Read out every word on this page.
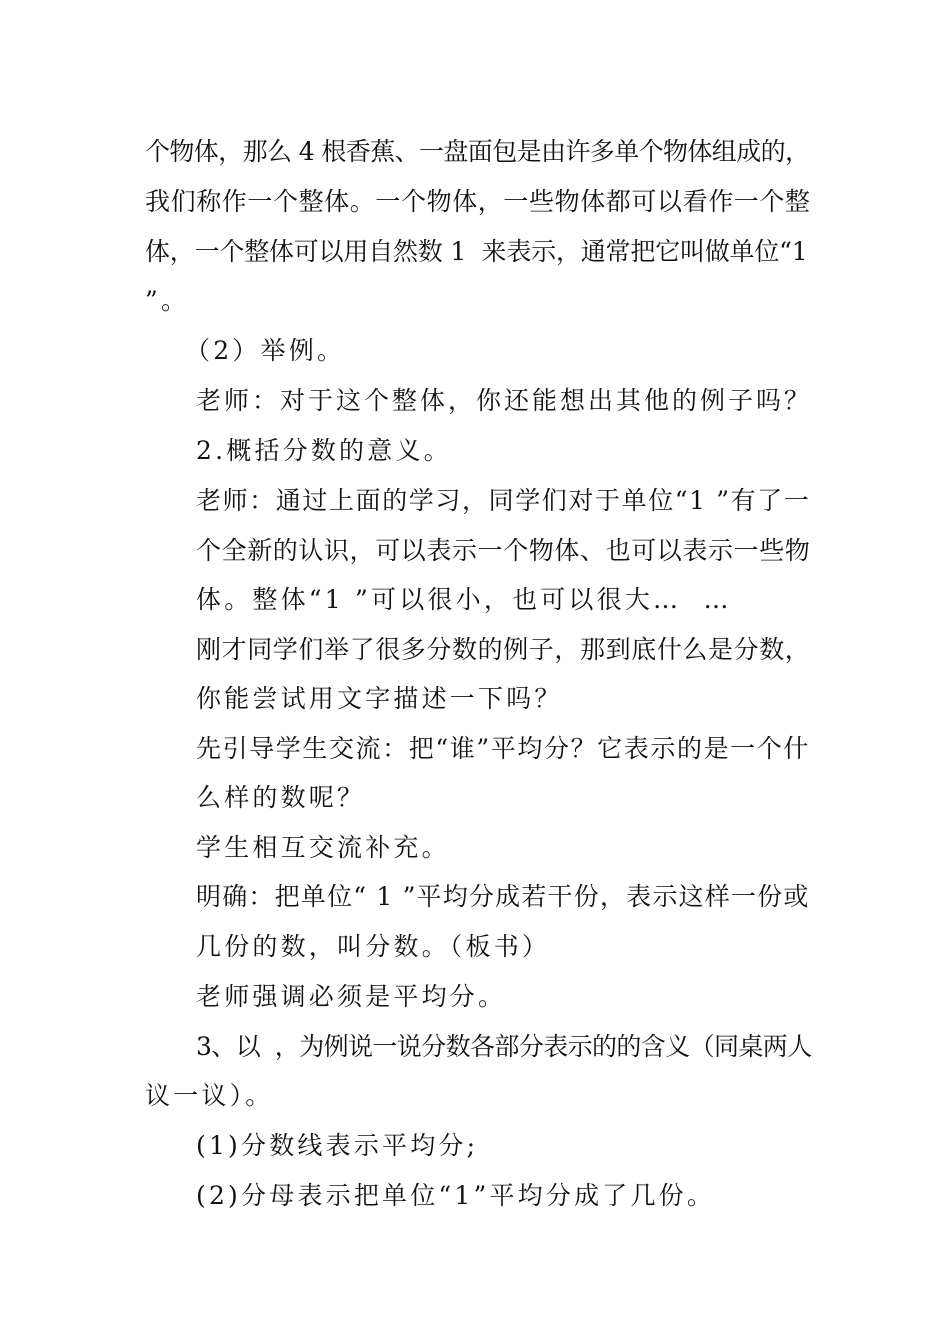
个物体，那么 4 根香蕉、一盘面包是由许多单个物体组成的，
我们称作一个整体。一个物体，一些物体都可以看作一个整
体，一个整体可以用自然数 1  来表示，通常把它叫做单位“1
”。
（2）举例。
老师：对于这个整体，你还能想出其他的例子吗？
2.概括分数的意义。
老师：通过上面的学习，同学们对于单位“1 ”有了一
个全新的认识，可以表示一个物体、也可以表示一些物
体。整体“1 ”可以很小，也可以很大…  …
刚才同学们举了很多分数的例子，那到底什么是分数，
你能尝试用文字描述一下吗？
先引导学生交流：把“谁”平均分？它表示的是一个什
么样的数呢？
学生相互交流补充。
明确：把单位“ 1 ”平均分成若干份，表示这样一份或
几份的数，叫分数。（板书）
老师强调必须是平均分。
3、以  ，为例说一说分数各部分表示的的含义（同桌两人
议一议）。
(1)分数线表示平均分;
(2)分母表示把单位“1”平均分成了几份。
